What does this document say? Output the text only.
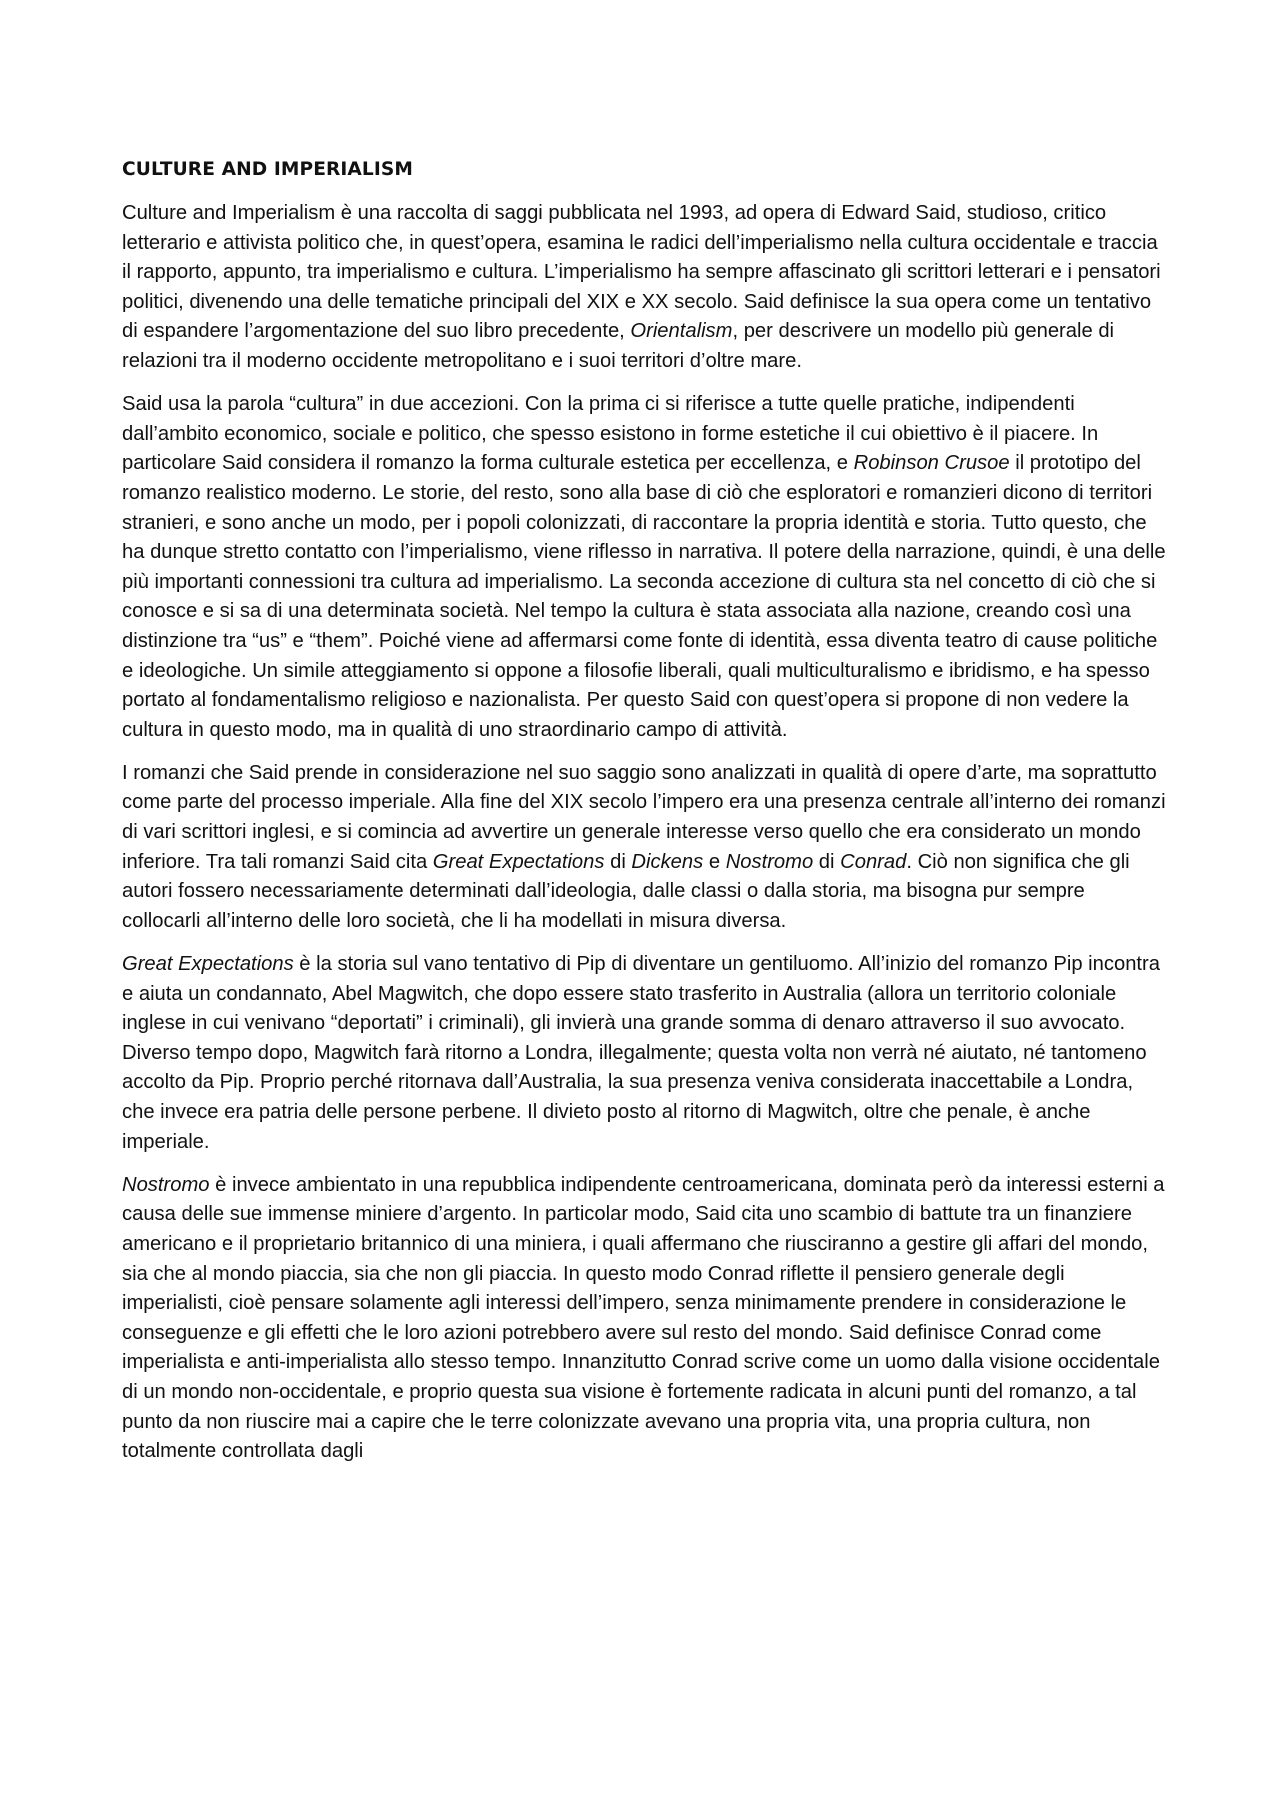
CULTURE AND IMPERIALISM

Culture and Imperialism è una raccolta di saggi pubblicata nel 1993, ad opera di Edward Said, studioso, critico letterario e attivista politico che, in quest’opera, esamina le radici dell’imperialismo nella cultura occidentale e traccia il rapporto, appunto, tra imperialismo e cultura. L’imperialismo ha sempre affascinato gli scrittori letterari e i pensatori politici, divenendo una delle tematiche principali del XIX e XX secolo. Said definisce la sua opera come un tentativo di espandere l’argomentazione del suo libro precedente, Orientalism, per descrivere un modello più generale di relazioni tra il moderno occidente metropolitano e i suoi territori d’oltre mare.

Said usa la parola “cultura” in due accezioni. Con la prima ci si riferisce a tutte quelle pratiche, indipendenti dall’ambito economico, sociale e politico, che spesso esistono in forme estetiche il cui obiettivo è il piacere. In particolare Said considera il romanzo la forma culturale estetica per eccellenza, e Robinson Crusoe il prototipo del romanzo realistico moderno. Le storie, del resto, sono alla base di ciò che esploratori e romanzieri dicono di territori stranieri, e sono anche un modo, per i popoli colonizzati, di raccontare la propria identità e storia. Tutto questo, che ha dunque stretto contatto con l’imperialismo, viene riflesso in narrativa. Il potere della narrazione, quindi, è una delle più importanti connessioni tra cultura ad imperialismo. La seconda accezione di cultura sta nel concetto di ciò che si conosce e si sa di una determinata società. Nel tempo la cultura è stata associata alla nazione, creando così una distinzione tra “us” e “them”. Poiché viene ad affermarsi come fonte di identità, essa diventa teatro di cause politiche e ideologiche. Un simile atteggiamento si oppone a filosofie liberali, quali multiculturalismo e ibridismo, e ha spesso portato al fondamentalismo religioso e nazionalista. Per questo Said con quest’opera si propone di non vedere la cultura in questo modo, ma in qualità di uno straordinario campo di attività.

I romanzi che Said prende in considerazione nel suo saggio sono analizzati in qualità di opere d’arte, ma soprattutto come parte del processo imperiale. Alla fine del XIX secolo l’impero era una presenza centrale all’interno dei romanzi di vari scrittori inglesi, e si comincia ad avvertire un generale interesse verso quello che era considerato un mondo inferiore. Tra tali romanzi Said cita Great Expectations di Dickens e Nostromo di Conrad. Ciò non significa che gli autori fossero necessariamente determinati dall’ideologia, dalle classi o dalla storia, ma bisogna pur sempre collocarli all’interno delle loro società, che li ha modellati in misura diversa.

Great Expectations è la storia sul vano tentativo di Pip di diventare un gentiluomo. All’inizio del romanzo Pip incontra e aiuta un condannato, Abel Magwitch, che dopo essere stato trasferito in Australia (allora un territorio coloniale inglese in cui venivano “deportati” i criminali), gli invierà una grande somma di denaro attraverso il suo avvocato. Diverso tempo dopo, Magwitch farà ritorno a Londra, illegalmente; questa volta non verrà né aiutato, né tantomeno accolto da Pip. Proprio perché ritornava dall’Australia, la sua presenza veniva considerata inaccettabile a Londra, che invece era patria delle persone perbene. Il divieto posto al ritorno di Magwitch, oltre che penale, è anche imperiale.

Nostromo è invece ambientato in una repubblica indipendente centroamericana, dominata però da interessi esterni a causa delle sue immense miniere d’argento. In particolar modo, Said cita uno scambio di battute tra un finanziere americano e il proprietario britannico di una miniera, i quali affermano che riusciranno a gestire gli affari del mondo, sia che al mondo piaccia, sia che non gli piaccia. In questo modo Conrad riflette il pensiero generale degli imperialisti, cioè pensare solamente agli interessi dell’impero, senza minimamente prendere in considerazione le conseguenze e gli effetti che le loro azioni potrebbero avere sul resto del mondo. Said definisce Conrad come imperialista e anti-imperialista allo stesso tempo. Innanzitutto Conrad scrive come un uomo dalla visione occidentale di un mondo non-occidentale, e proprio questa sua visione è fortemente radicata in alcuni punti del romanzo, a tal punto da non riuscire mai a capire che le terre colonizzate avevano una propria vita, una propria cultura, non totalmente controllata dagli
